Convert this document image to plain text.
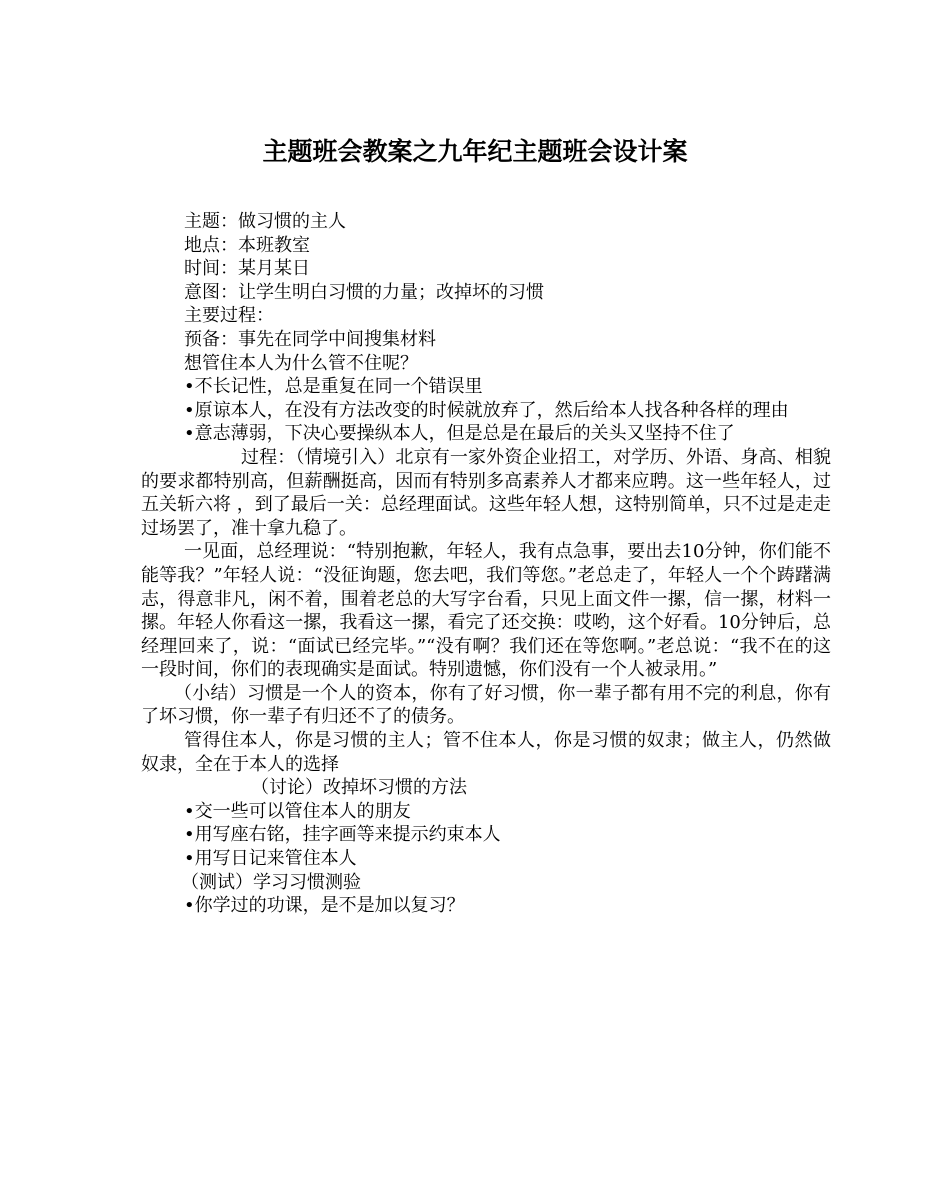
主题班会教案之九年纪主题班会设计案

主题：做习惯的主人

地点：本班教室

时间：某月某日

意图：让学生明白习惯的力量；改掉坏的习惯

主要过程：

预备：事先在同学中间搜集材料

想管住本人为什么管不住呢？

•不长记性，总是重复在同一个错误里

•原谅本人，在没有方法改变的时候就放弃了，然后给本人找各种各样的理由

•意志薄弱，下决心要操纵本人，但是总是在最后的关头又坚持不住了

过程：（情境引入）北京有一家外资企业招工，对学历、外语、身高、相貌的要求都特别高，但薪酬挺高，因而有特别多高素养人才都来应聘。这一些年轻人，过五关斩六将 ，到了最后一关：总经理面试。这些年轻人想，这特别简单，只不过是走走过场罢了，准十拿九稳了。

一见面，总经理说：“特别抱歉，年轻人，我有点急事，要出去10分钟，你们能不能等我？”年轻人说：“没征询题，您去吧，我们等您。”老总走了，年轻人一个个踌躇满志，得意非凡，闲不着，围着老总的大写字台看，只见上面文件一摞，信一摞，材料一摞。年轻人你看这一摞，我看这一摞，看完了还交换：哎哟，这个好看。10分钟后，总经理回来了，说：“面试已经完毕。”“没有啊？我们还在等您啊。”老总说：“我不在的这一段时间，你们的表现确实是面试。特别遗憾，你们没有一个人被录用。”

（小结）习惯是一个人的资本，你有了好习惯，你一辈子都有用不完的利息，你有了坏习惯，你一辈子有归还不了的债务。

管得住本人，你是习惯的主人；管不住本人，你是习惯的奴隶；做主人，仍然做奴隶，全在于本人的选择

（讨论）改掉坏习惯的方法

•交一些可以管住本人的朋友

•用写座右铭，挂字画等来提示约束本人

•用写日记来管住本人

（测试）学习习惯测验

•你学过的功课，是不是加以复习？
